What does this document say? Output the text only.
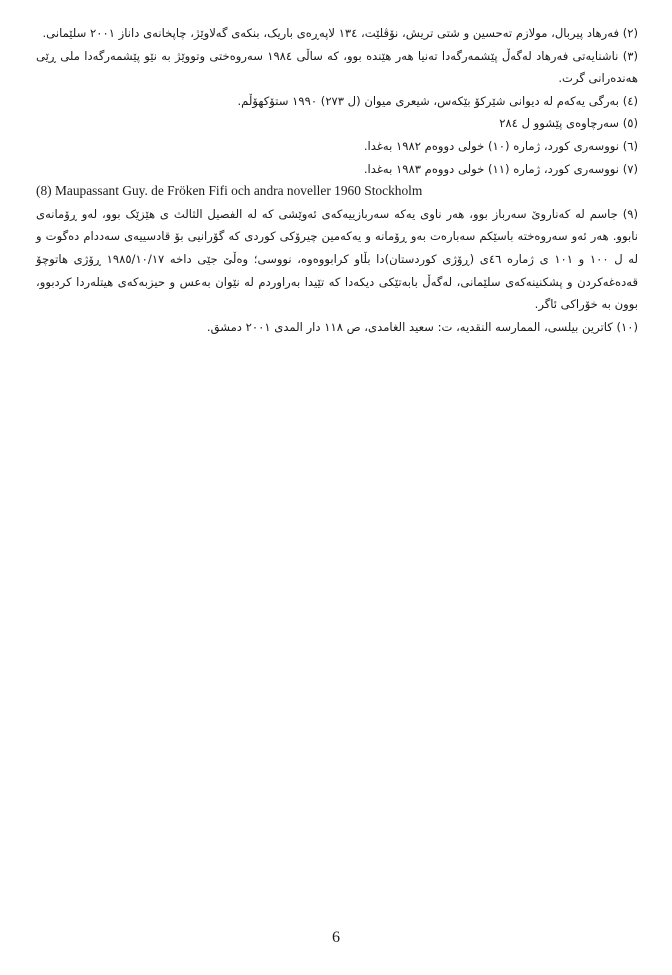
(٢) فەرهاد پیربال، مولازم تەحسین و شتی تریش، نۆڤلێت، ١٣٤ لاپەڕەی باریک، بنکەی گەلاوێژ، چاپخانەی داناز ٢٠٠١ سلێمانی.

(٣) ناشنایەتی فەرهاد لەگەڵ پێشمەرگەدا تەنیا هەر هێندە بوو، کە ساڵی ١٩٨٤ سەروەختی وتووێژ بە نێو پێشمەرگەدا ملی ڕێی هەندەرانی گرت.

(٤) بەرگی یەکەم لە دیوانی شێرکۆ بێکەس، شیعری میوان (ل ٢٧٣) ١٩٩٠ ستۆکهۆڵم.

(٥) سەرچاوەی پێشوو ل ٢٨٤

(٦) نووسەری کورد، ژمارە (١٠) خولی دووەم ١٩٨٢ بەغدا.

(٧) نووسەری کورد، ژمارە (١١) خولی دووەم ١٩٨٣ بەغدا.

(8) Maupassant Guy. de Fröken Fifi och andra noveller 1960 Stockholm

(٩) جاسم لە کەناروێ سەرباز بوو، هەر ناوی یەکە سەربازییەکەی ئەوێشی کە لە الفصیل الثالث ی هێزێک بوو، لەو ڕۆمانەی نابوو. هەر ئەو سەروەختە باسێکم سەبارەت بەو ڕۆمانە و یەکەمین چیرۆکی کوردی کە گۆرانیی بۆ قادسییەی سەددام دەگوت و لە ل ١٠٠ و ١٠١ ی ژمارە ٤٦ی (ڕۆژی کوردستان)دا بڵاو کرابووەوە، نووسی؛ وەڵێ جێی داخە ١٩٨٥/١٠/١٧ ڕۆژی هاتوچۆ قەدەغەکردن و پشکنینەکەی سلێمانی، لەگەڵ بابەتێکی دیکەدا کە تێیدا بەراوردم لە نێوان بەعس و حیزبەکەی هیتلەردا کردبوو، بوون بە خۆراکی ئاگر.

(١٠) کاترین بیلسی، الممارسه النقدیه، ت: سعید الغامدی، ص ١١٨ دار المدی ٢٠٠١ دمشق.

6
